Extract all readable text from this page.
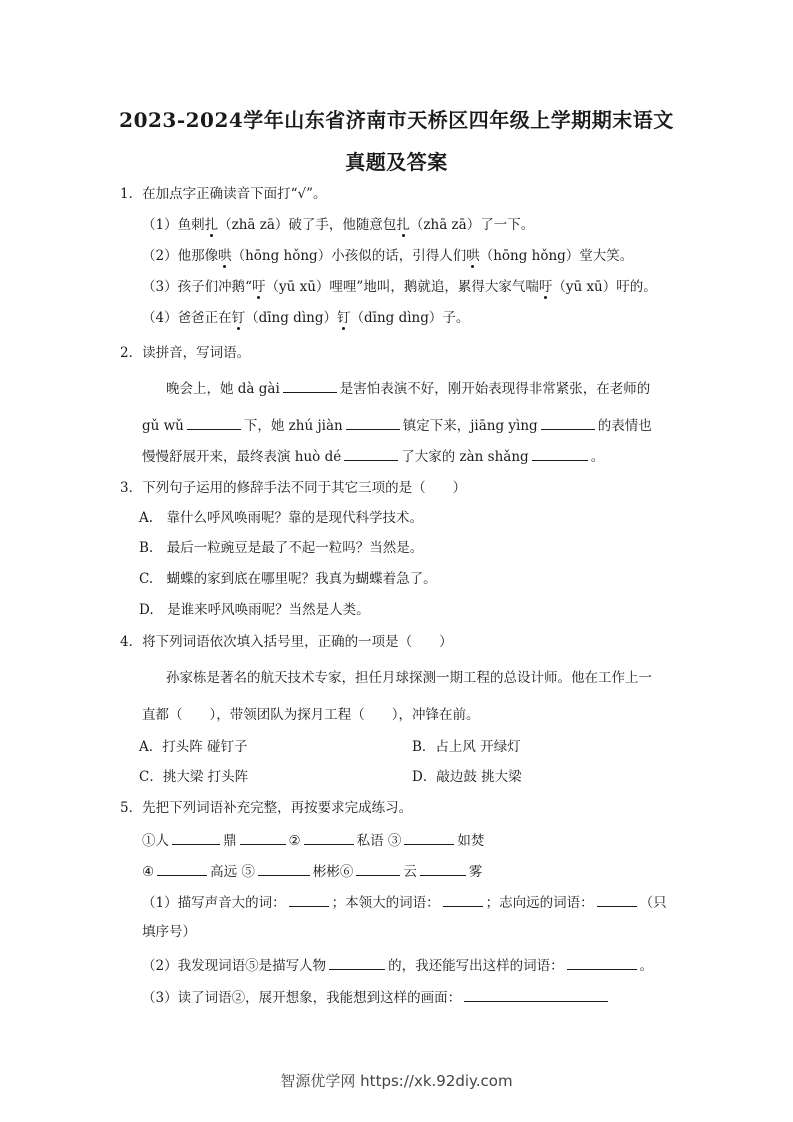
2023-2024学年山东省济南市天桥区四年级上学期期末语文
真题及答案
1．在加点字正确读音下面打“√”。
（1）鱼刺扎（zhā zā）破了手，他随意包扎（zhā zā）了一下。
（2）他那像哄（hōng hǒng）小孩似的话，引得人们哄（hōng hǒng）堂大笑。
（3）孩子们冲鹅“吁（yū xū）哩哩”地叫，鹅就追，累得大家气喘吁（yū xū）吁的。
（4）爸爸正在钉（dīng dìng）钉（dīng dìng）子。
2．读拼音，写词语。
晚会上，她 dà gài	是害怕表演不好，刚开始表现得非常紧张，在老师的
gǔ wǔ	下，她 zhú jiàn	镇定下来，jiāng yìng	的表情也
慢慢舒展开来，最终表演 huò dé	了大家的 zàn shǎng	。
3．下列句子运用的修辞手法不同于其它三项的是（　　）
A.　靠什么呼风唤雨呢？靠的是现代科学技术。
B.　最后一粒豌豆是最了不起一粒吗？当然是。
C.　蝴蝶的家到底在哪里呢？我真为蝴蝶着急了。
D.　是谁来呼风唤雨呢？当然是人类。
4．将下列词语依次填入括号里，正确的一项是（　　）
孙家栋是著名的航天技术专家，担任月球探测一期工程的总设计师。他在工作上一
直都（　　），带领团队为探月工程（　　），冲锋在前。
A．打头阵 碰钉子	B．占上风 开绿灯
C．挑大梁 打头阵	D．敲边鼓 挑大梁
5．先把下列词语补充完整，再按要求完成练习。
①人	鼎	②	私语 ③	如焚
④	高远 ⑤	彬彬⑥	云	雾
（1）描写声音大的词：	；本领大的词语：	；志向远的词语：	（只
填序号）
（2）我发现词语⑤是描写人物	的，我还能写出这样的词语：	。
（3）读了词语②，展开想象，我能想到这样的画面：
智源优学网 https://xk.92diy.com
